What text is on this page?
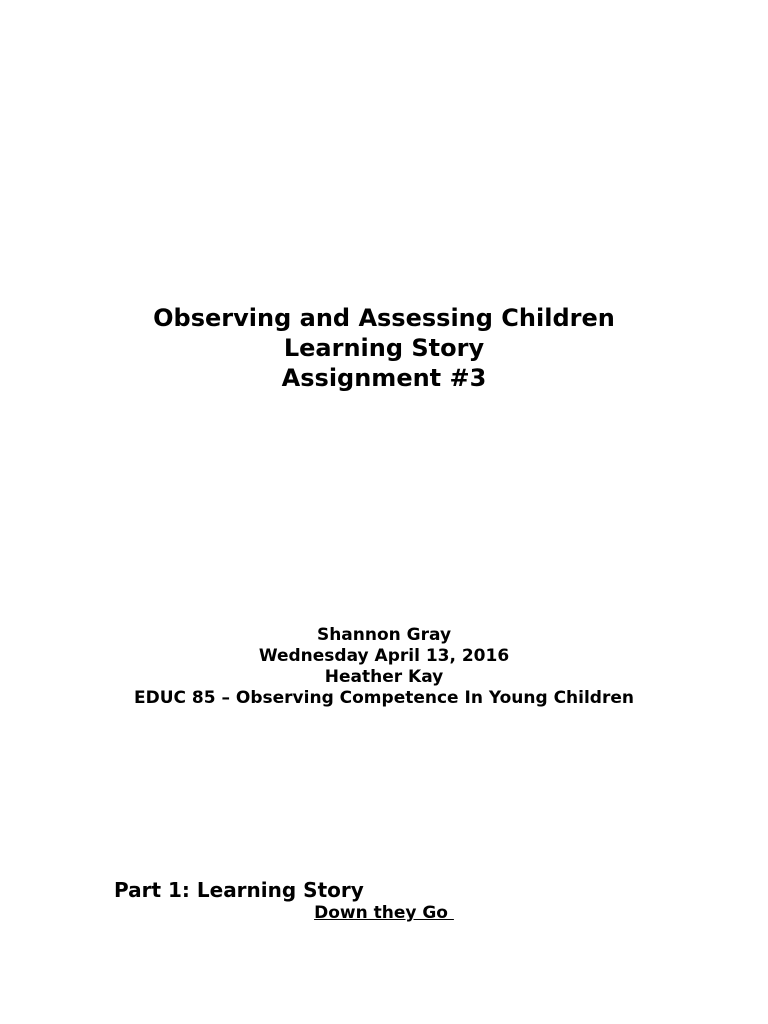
Observing and Assessing Children
Learning Story
Assignment #3
Shannon Gray
Wednesday April 13, 2016
Heather Kay
EDUC 85 – Observing Competence In Young Children
Part 1: Learning Story
Down they Go
